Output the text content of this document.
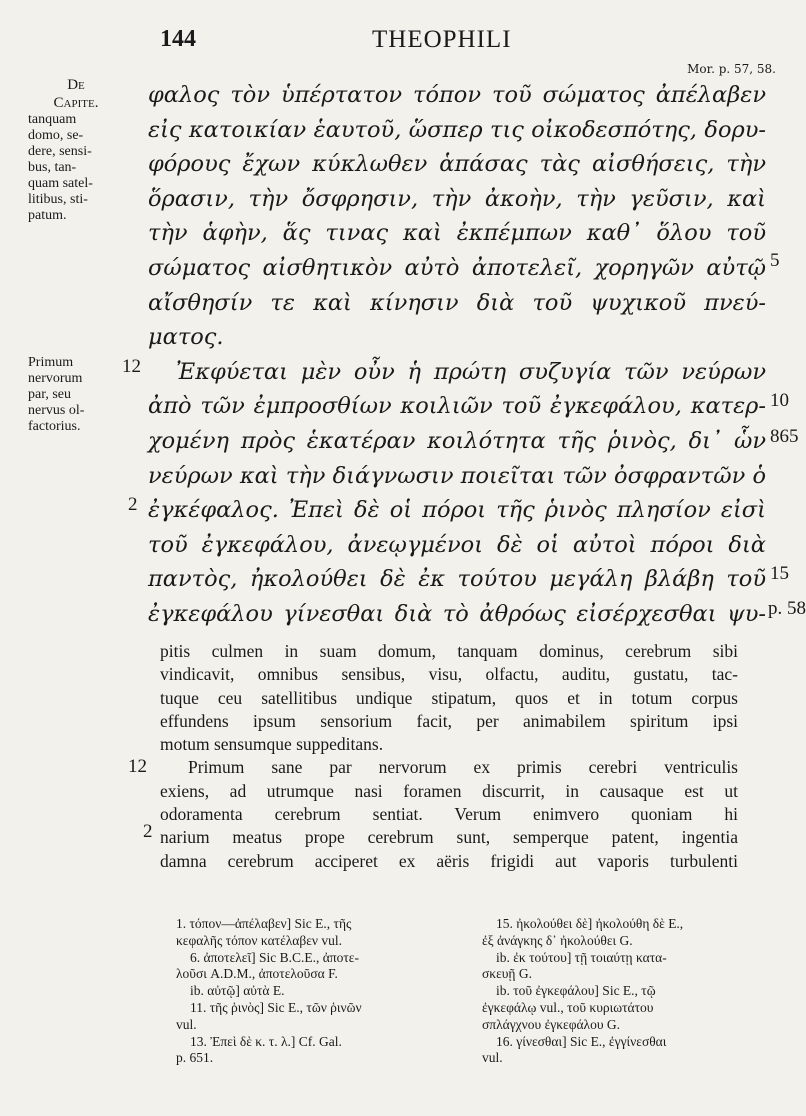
144	THEOPHILI
Mor. p. 57, 58.
De
Capite.
tanquam
domo, se-
dere, sensi-
bus, tan-
quam satel-
litibus, sti-
patum.
Primum
nervorum
par, seu
nervus ol-
factorius.
φαλος τὸν ὑπέρτατον τόπον τοῦ σώματος ἀπέλαβεν
εἰς κατοικίαν ἑαυτοῦ, ὥσπερ τις οἰκοδεσπότης, δορυ-
φόρους ἔχων κύκλωθεν ἁπάσας τὰς αἰσθήσεις, τὴν
ὅρασιν, τὴν ὄσφρησιν, τὴν ἀκοὴν, τὴν γεῦσιν, καὶ
τὴν ἁφὴν, ἅς τινας καὶ ἐκπέμπων καθ᾽ ὅλου τοῦ
σώματος αἰσθητικὸν αὐτὸ ἀποτελεῖ, χορηγῶν αὐτῷ
αἴσθησίν τε καὶ κίνησιν διὰ τοῦ ψυχικοῦ πνεύ-
ματος.
Ἐκφύεται μὲν οὖν ἡ πρώτη συζυγία τῶν νεύρων
ἀπὸ τῶν ἐμπροσθίων κοιλιῶν τοῦ ἐγκεφάλου, κατερ-
χομένη πρὸς ἑκατέραν κοιλότητα τῆς ῥινὸς, δι᾽ ὧν
νεύρων καὶ τὴν διάγνωσιν ποιεῖται τῶν ὀσφραντῶν ὁ
ἐγκέφαλος. Ἐπεὶ δὲ οἱ πόροι τῆς ῥινὸς πλησίον εἰσὶ
τοῦ ἐγκεφάλου, ἀνεῳγμένοι δὲ οἱ αὐτοὶ πόροι διὰ
παντὸς, ἠκολούθει δὲ ἐκ τούτου μεγάλη βλάβη τοῦ
ἐγκεφάλου γίνεσθαι διὰ τὸ ἀθρόως εἰσέρχεσθαι ψυ-
12
2
5
10
865
15
p. 58
pitis culmen in suam domum, tanquam dominus, cerebrum sibi
vindicavit, omnibus sensibus, visu, olfactu, auditu, gustatu, tac-
tuque ceu satellitibus undique stipatum, quos et in totum corpus
effundens ipsum sensorium facit, per animabilem spiritum ipsi
motum sensumque suppeditans.
Primum sane par nervorum ex primis cerebri ventriculis
exiens, ad utrumque nasi foramen discurrit, in causaque est ut
odoramenta cerebrum sentiat. Verum enimvero quoniam hi
narium meatus prope cerebrum sunt, semperque patent, ingentia
damna cerebrum acciperet ex aëris frigidi aut vaporis turbulenti
12
2
1. τόπον—ἀπέλαβεν] Sic E., τῆς
κεφαλῆς τόπον κατέλαβεν vul.
6. ἀποτελεῖ] Sic B.C.E., ἀποτε-
λοῦσι A.D.M., ἀποτελοῦσα F.
ib. αὐτῷ] αὐτὰ E.
11. τῆς ῥινὸς] Sic E., τῶν ῥινῶν
vul.
13. Ἐπεὶ δὲ κ. τ. λ.] Cf. Gal.
p. 651.
15. ἠκολούθει δὲ] ἠκολούθη δὲ E.,
ἐξ ἀνάγκης δ᾽ ἠκολούθει G.
ib. ἐκ τούτου] τῇ τοιαύτῃ κατα-
σκευῇ G.
ib. τοῦ ἐγκεφάλου] Sic E., τῷ
ἐγκεφάλῳ vul., τοῦ κυριωτάτου
σπλάγχνου ἐγκεφάλου G.
16. γίνεσθαι] Sic E., ἐγγίνεσθαι
vul.
